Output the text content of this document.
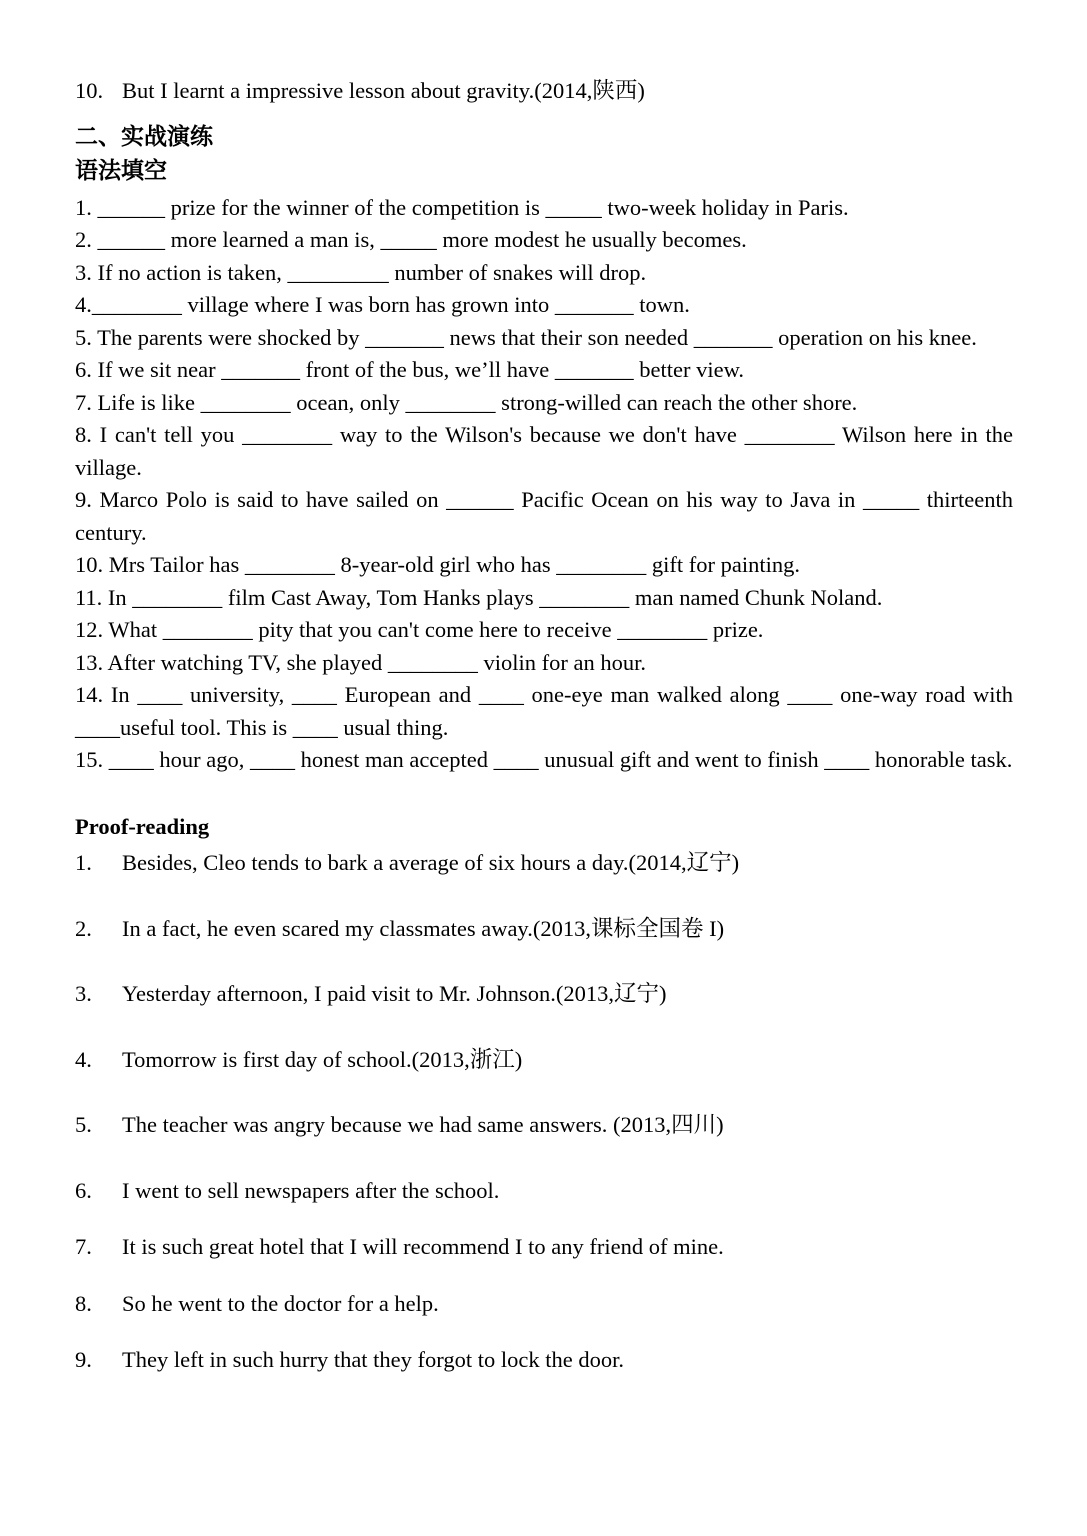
10. But I learnt a impressive lesson about gravity.(2014,陕西)

二、实战演练

语法填空

1. ______ prize for the winner of the competition is _____ two-week holiday in Paris.

2. ______ more learned a man is, _____ more modest he usually becomes.

3. If no action is taken, _________ number of snakes will drop.

4.________ village where I was born has grown into _______ town.

5. The parents were shocked by _______ news that their son needed _______ operation on his knee.

6. If we sit near _______ front of the bus, we’ll have _______ better view.

7. Life is like ________ ocean, only ________ strong-willed can reach the other shore.

8. I can't tell you ________ way to the Wilson's because we don't have ________ Wilson here in the village.

9. Marco Polo is said to have sailed on ______ Pacific Ocean on his way to Java in _____ thirteenth century.

10. Mrs Tailor has ________ 8-year-old girl who has ________ gift for painting.

11. In ________ film Cast Away, Tom Hanks plays ________ man named Chunk Noland.

12. What ________ pity that you can't come here to receive ________ prize.

13. After watching TV, she played ________ violin for an hour.

14. In ____ university, ____ European and ____ one-eye man walked along ____ one-way road with ____useful tool. This is ____ usual thing.

15. ____ hour ago, ____ honest man accepted ____ unusual gift and went to finish ____ honorable task.

Proof-reading

1.	Besides, Cleo tends to bark a average of six hours a day.(2014,辽宁)

2.	In a fact, he even scared my classmates away.(2013,课标全国卷 I)

3.	Yesterday afternoon, I paid visit to Mr. Johnson.(2013,辽宁)

4.	Tomorrow is first day of school.(2013,浙江)

5.	The teacher was angry because we had same answers. (2013,四川)

6.	I went to sell newspapers after the school.

7.	It is such great hotel that I will recommend I to any friend of mine.

8.	So he went to the doctor for a help.

9.	They left in such hurry that they forgot to lock the door.
